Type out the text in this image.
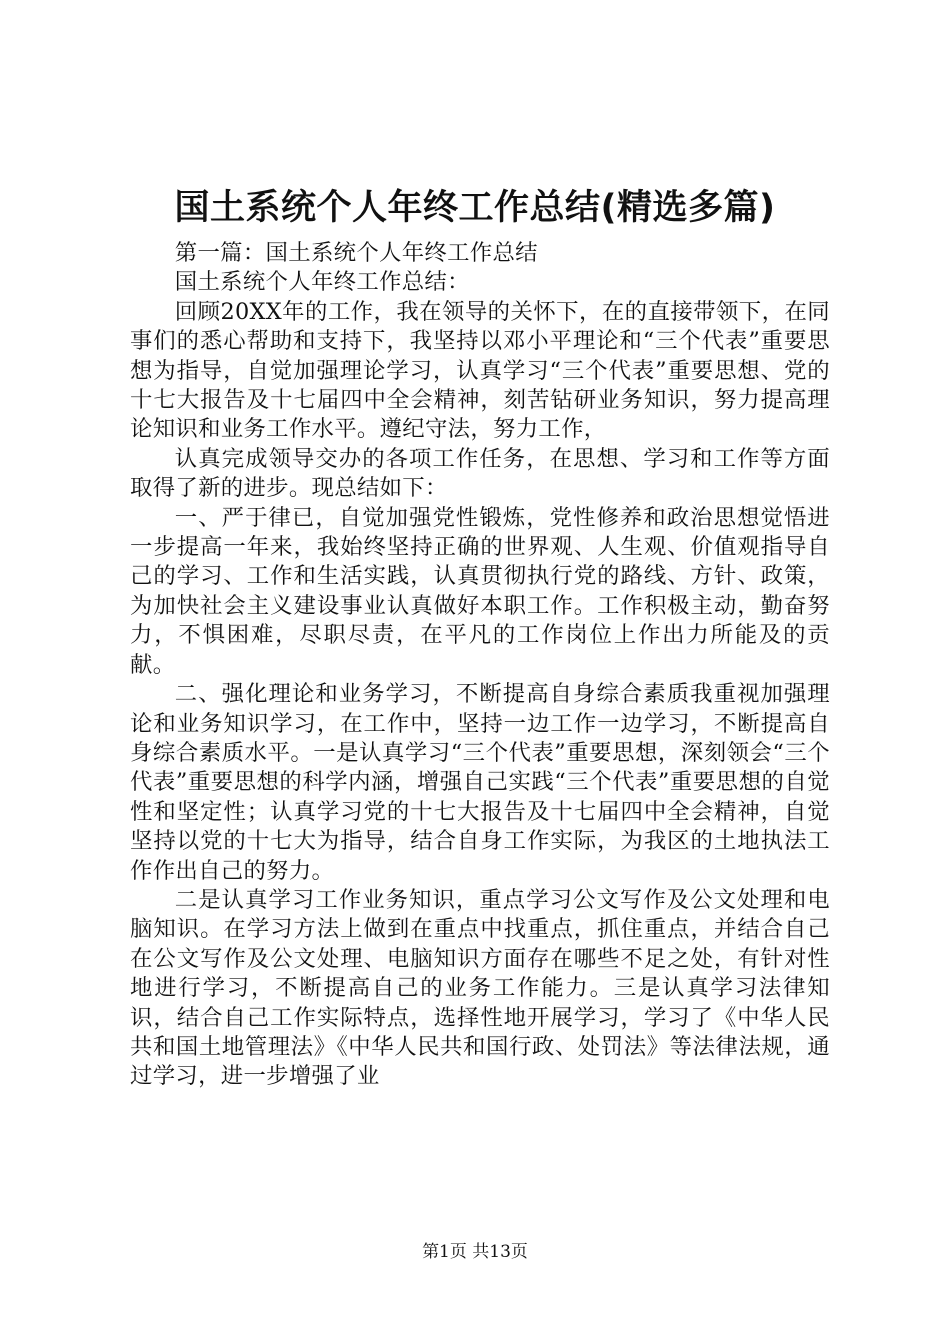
国土系统个人年终工作总结(精选多篇)

第一篇：国土系统个人年终工作总结

国土系统个人年终工作总结：

回顾20XX年的工作，我在领导的关怀下，在的直接带领下，在同事们的悉心帮助和支持下，我坚持以邓小平理论和“三个代表”重要思想为指导，自觉加强理论学习，认真学习“三个代表”重要思想、党的十七大报告及十七届四中全会精神，刻苦钻研业务知识，努力提高理论知识和业务工作水平。遵纪守法，努力工作，

认真完成领导交办的各项工作任务，在思想、学习和工作等方面取得了新的进步。现总结如下：

一、严于律已，自觉加强党性锻炼，党性修养和政治思想觉悟进一步提高一年来，我始终坚持正确的世界观、人生观、价值观指导自己的学习、工作和生活实践，认真贯彻执行党的路线、方针、政策，为加快社会主义建设事业认真做好本职工作。工作积极主动，勤奋努力，不惧困难，尽职尽责，在平凡的工作岗位上作出力所能及的贡献。

二、强化理论和业务学习，不断提高自身综合素质我重视加强理论和业务知识学习，在工作中，坚持一边工作一边学习，不断提高自身综合素质水平。一是认真学习“三个代表”重要思想，深刻领会“三个代表”重要思想的科学内涵，增强自己实践“三个代表”重要思想的自觉性和坚定性；认真学习党的十七大报告及十七届四中全会精神，自觉坚持以党的十七大为指导，结合自身工作实际，为我区的土地执法工作作出自己的努力。

二是认真学习工作业务知识，重点学习公文写作及公文处理和电脑知识。在学习方法上做到在重点中找重点，抓住重点，并结合自己在公文写作及公文处理、电脑知识方面存在哪些不足之处，有针对性地进行学习，不断提高自己的业务工作能力。三是认真学习法律知识，结合自己工作实际特点，选择性地开展学习，学习了《中华人民共和国土地管理法》《中华人民共和国行政、处罚法》等法律法规，通过学习，进一步增强了业

第1页 共13页
